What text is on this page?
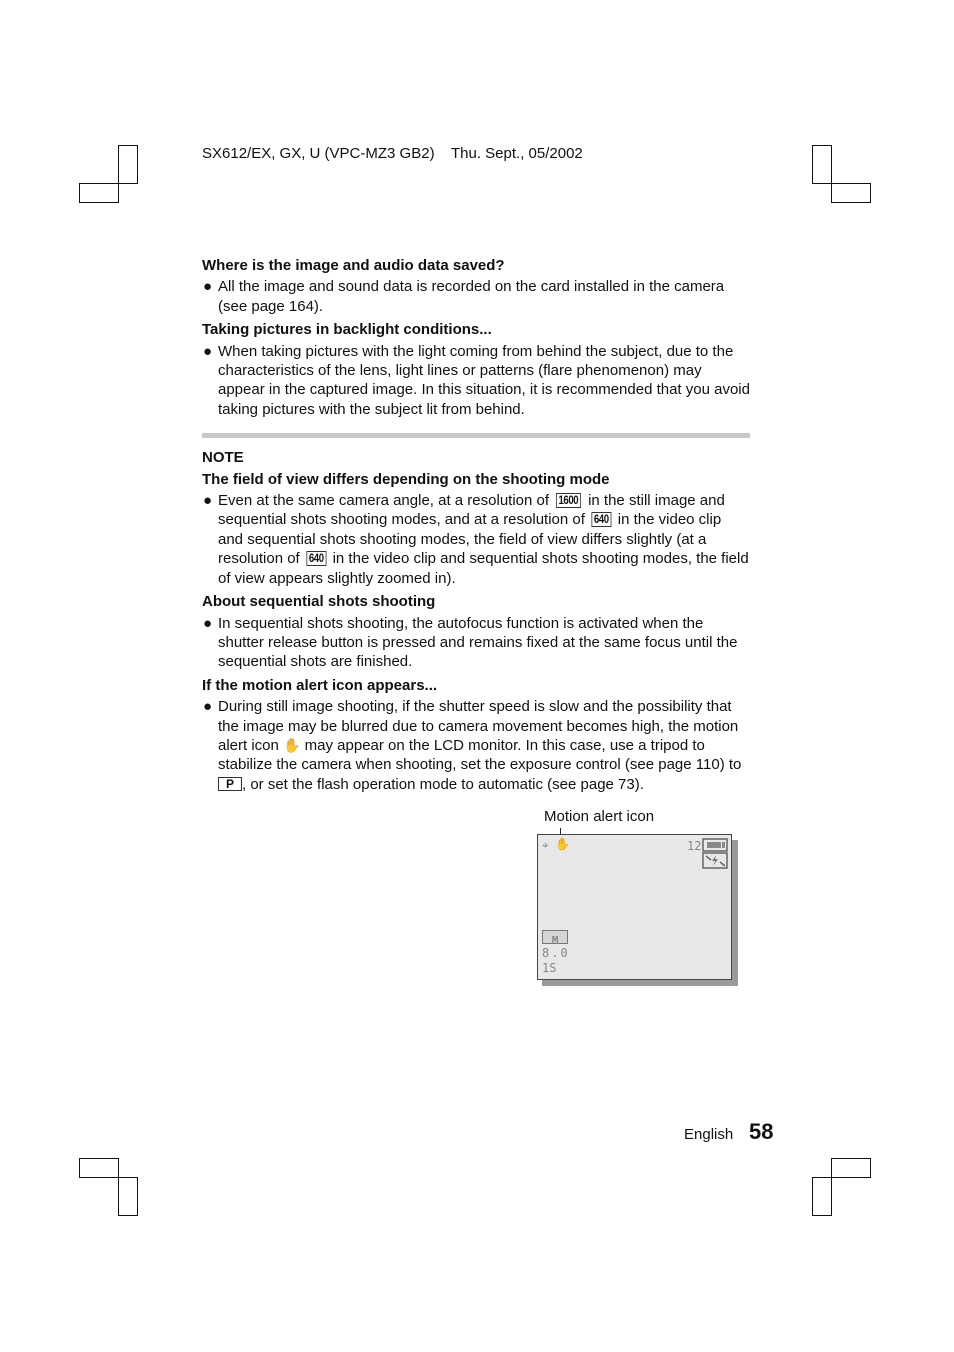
SX612/EX, GX, U (VPC-MZ3 GB2) Thu. Sept., 05/2002

Where is the image and audio data saved?

● All the image and sound data is recorded on the card installed in the camera (see page 164).

Taking pictures in backlight conditions...

● When taking pictures with the light coming from behind the subject, due to the characteristics of the lens, light lines or patterns (flare phenomenon) may appear in the captured image. In this situation, it is recommended that you avoid taking pictures with the subject lit from behind.

NOTE

The field of view differs depending on the shooting mode

● Even at the same camera angle, at a resolution of 1600 in the still image and sequential shots shooting modes, and at a resolution of 640 in the video clip and sequential shots shooting modes, the field of view differs slightly (at a resolution of 640 in the video clip and sequential shots shooting modes, the field of view appears slightly zoomed in).

About sequential shots shooting

● In sequential shots shooting, the autofocus function is activated when the shutter release button is pressed and remains fixed at the same focus until the sequential shots are finished.

If the motion alert icon appears...

● During still image shooting, if the shutter speed is slow and the possibility that the image may be blurred due to camera movement becomes high, the motion alert icon ✋ may appear on the LCD monitor. In this case, use a tripod to stabilize the camera when shooting, set the exposure control (see page 110) to P , or set the flash operation mode to automatic (see page 73).
Motion alert icon
⌖ ✋	12
M
8.0
1S
English 58
